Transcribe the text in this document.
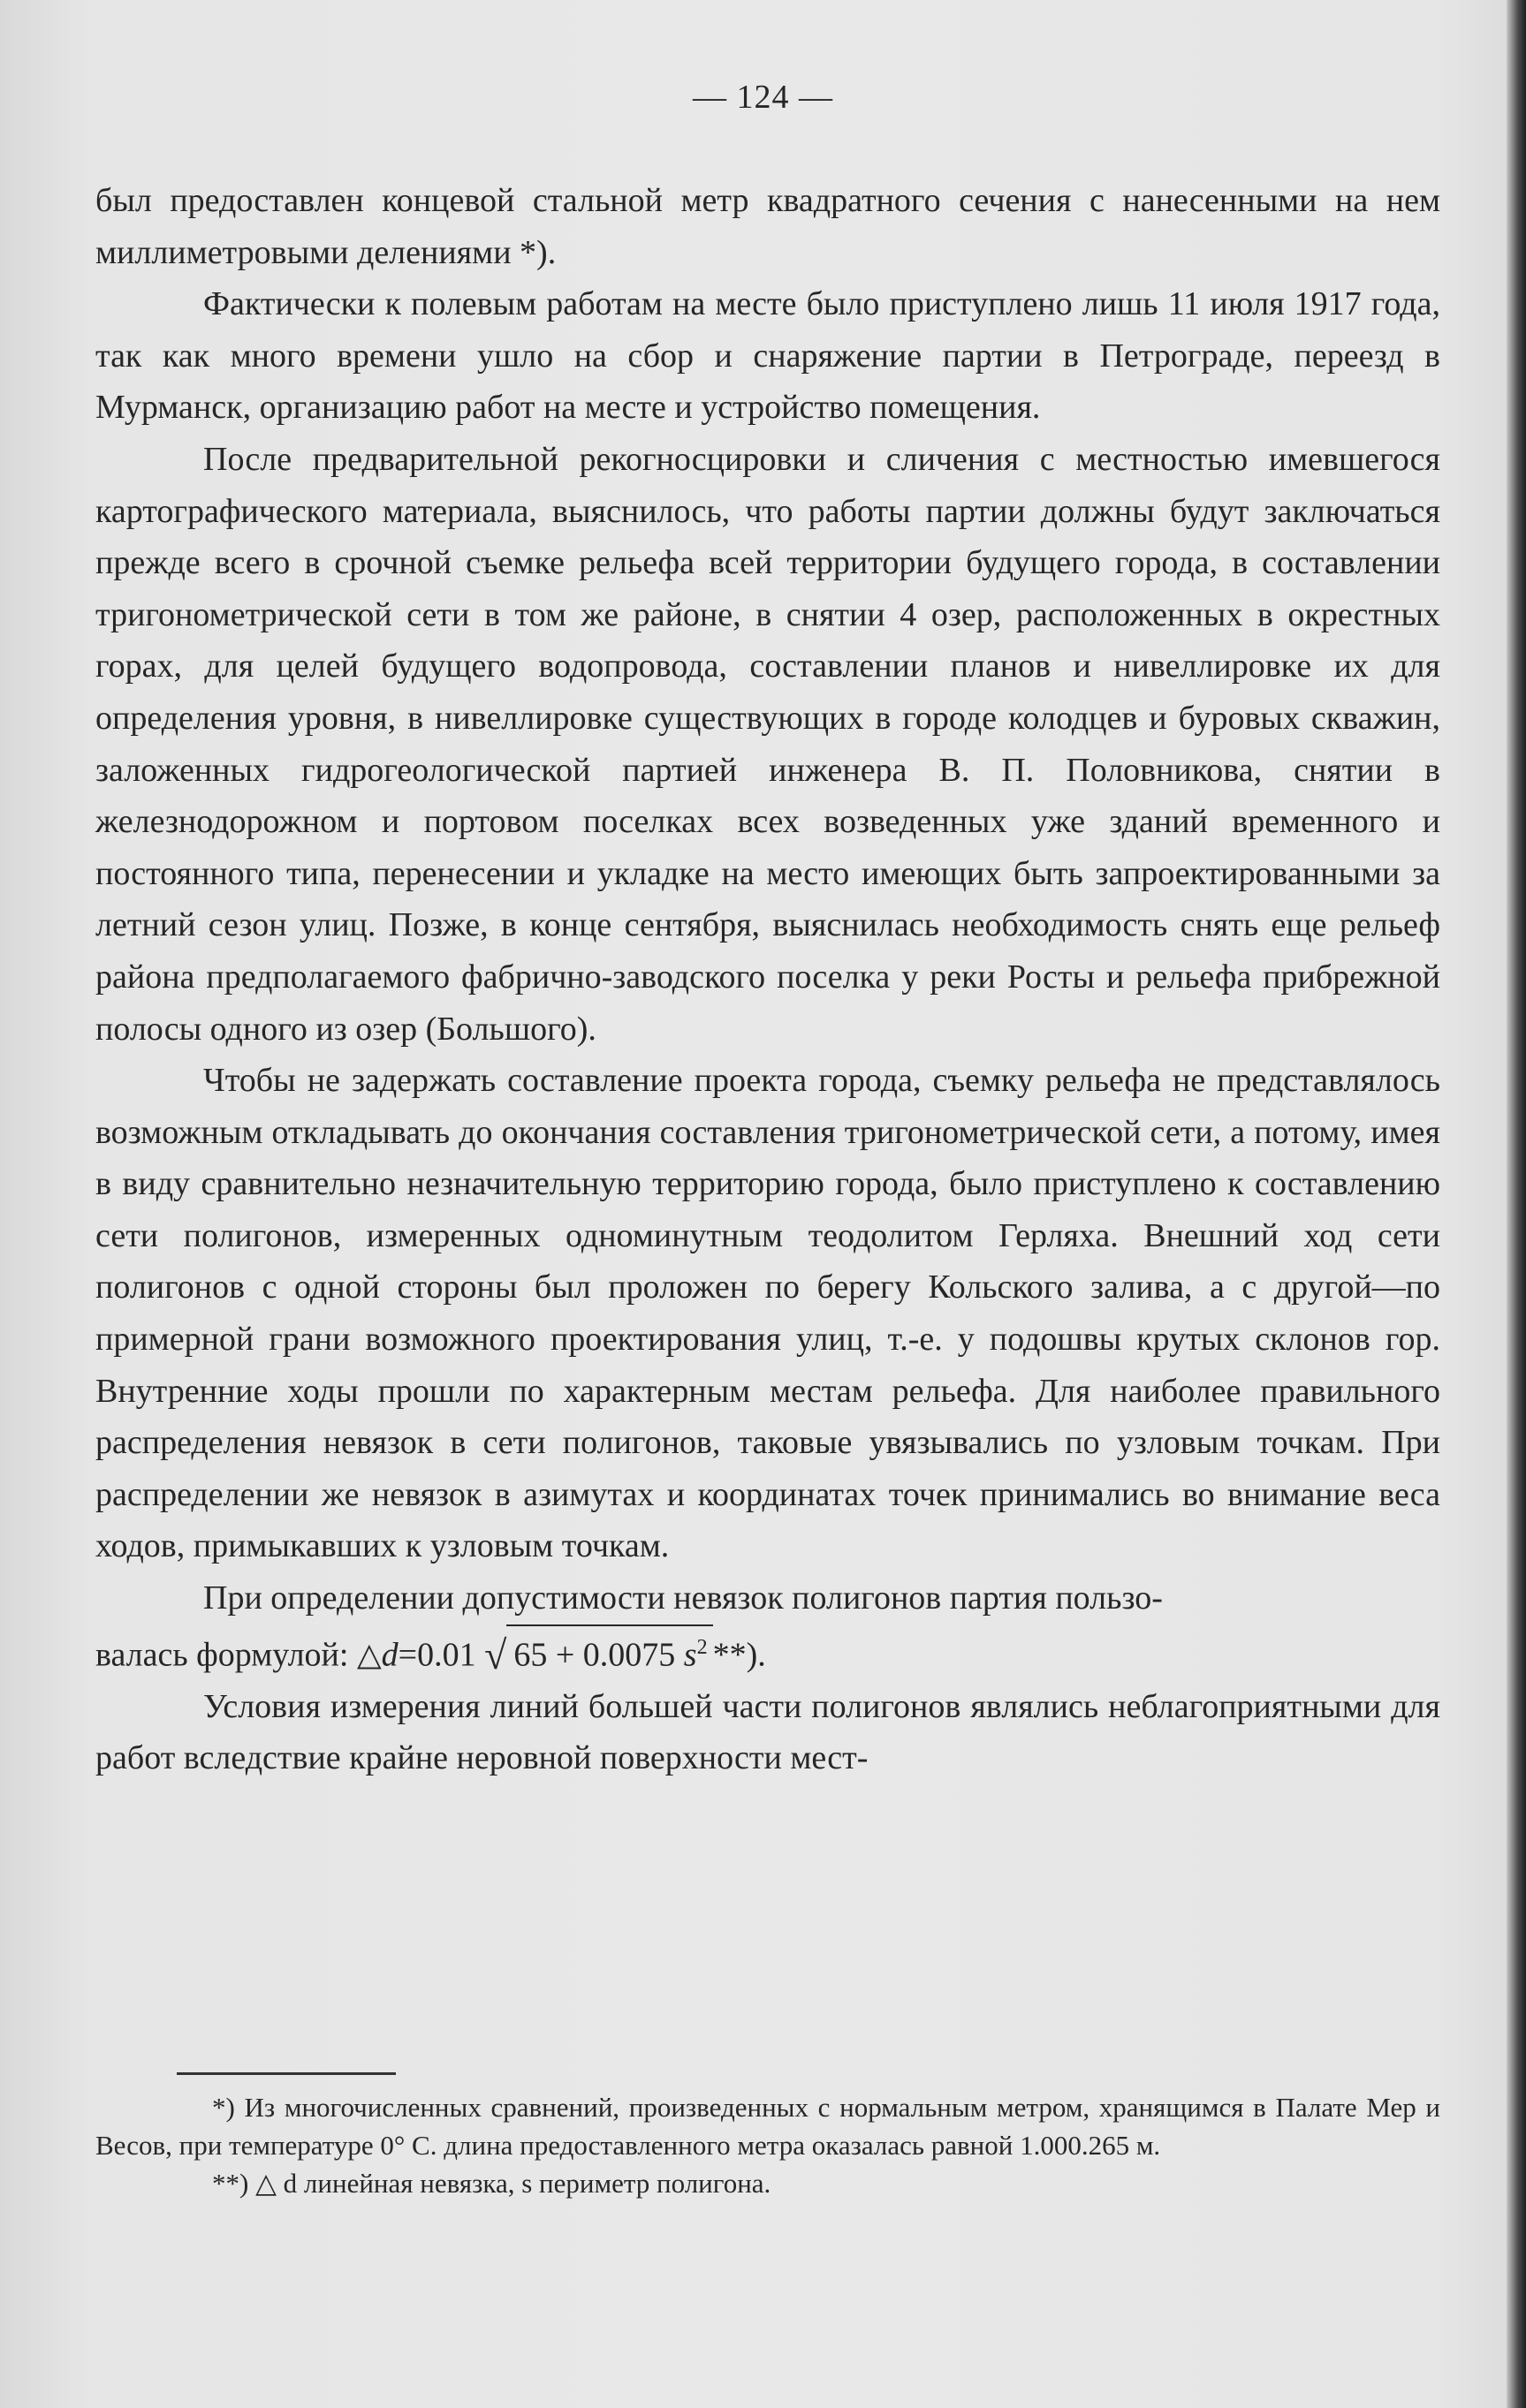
— 124 —

был предоставлен концевой стальной метр квадратного сечения с нанесенными на нем миллиметровыми делениями *).

Фактически к полевым работам на месте было приступлено лишь 11 июля 1917 года, так как много времени ушло на сбор и снаряжение партии в Петрограде, переезд в Мурманск, организацию работ на месте и устройство помещения.

После предварительной рекогносцировки и сличения с местностью имевшегося картографического материала, выяснилось, что работы партии должны будут заключаться прежде всего в срочной съемке рельефа всей территории будущего города, в составлении тригонометрической сети в том же районе, в снятии 4 озер, расположенных в окрестных горах, для целей будущего водопровода, составлении планов и нивеллировке их для определения уровня, в нивеллировке существующих в городе колодцев и буровых скважин, заложенных гидрогеологической партией инженера В. П. Половникова, снятии в железнодорожном и портовом поселках всех возведенных уже зданий временного и постоянного типа, перенесении и укладке на место имеющих быть запроектированными за летний сезон улиц. Позже, в конце сентября, выяснилась необходимость снять еще рельеф района предполагаемого фабрично-заводского поселка у реки Росты и рельефа прибрежной полосы одного из озер (Большого).

Чтобы не задержать составление проекта города, съемку рельефа не представлялось возможным откладывать до окончания составления тригонометрической сети, а потому, имея в виду сравнительно незначительную территорию города, было приступлено к составлению сети полигонов, измеренных одноминутным теодолитом Герляха. Внешний ход сети полигонов с одной стороны был проложен по берегу Кольского залива, а с другой—по примерной грани возможного проектирования улиц, т.-е. у подошвы крутых склонов гор. Внутренние ходы прошли по характерным местам рельефа. Для наиболее правильного распределения невязок в сети полигонов, таковые увязывались по узловым точкам. При распределении же невязок в азимутах и координатах точек принимались во внимание веса ходов, примыкавших к узловым точкам.

При определении допустимости невязок полигонов партия пользо-

валась формулой: △d=0.01 √ 65 + 0.0075 $s^2$ **).

Условия измерения линий большей части полигонов являлись неблагоприятными для работ вследствие крайне неровной поверхности мест-

*) Из многочисленных сравнений, произведенных с нормальным метром, хранящимся в Палате Мер и Весов, при температуре 0° С. длина предоставленного метра оказалась равной 1.000.265 м.

**) △ d линейная невязка, s периметр полигона.
